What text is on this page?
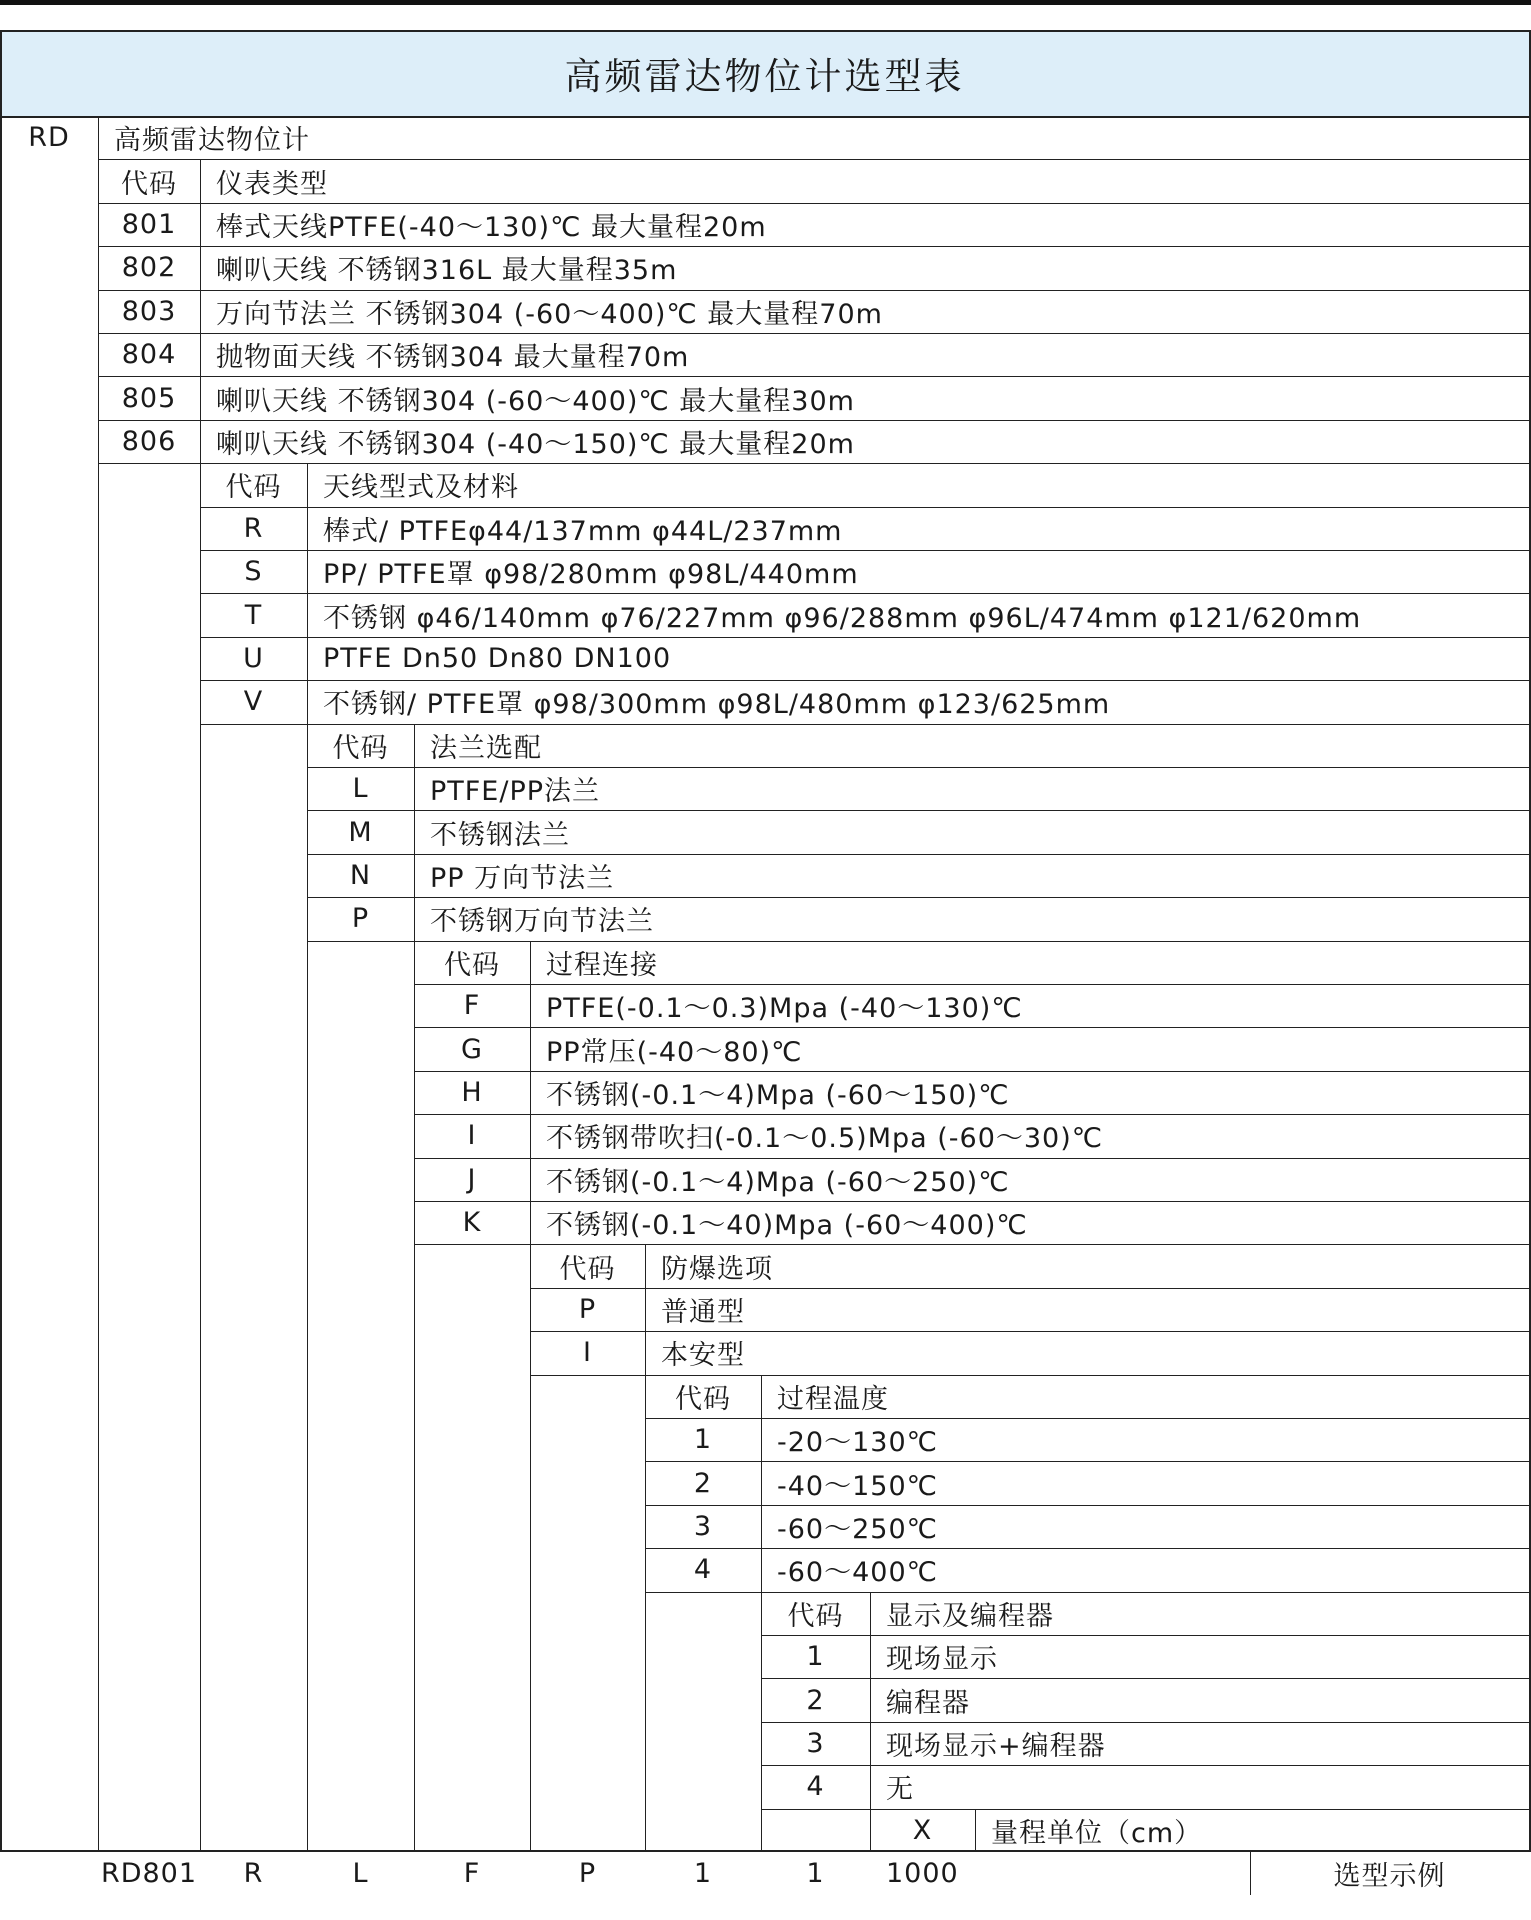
高频雷达物位计选型表
RD	高频雷达物位计
代码	仪表类型
801	棒式天线PTFE(-40～130)℃ 最大量程20m
802	喇叭天线 不锈钢316L 最大量程35m
803	万向节法兰 不锈钢304 (-60～400)℃ 最大量程70m
804	抛物面天线 不锈钢304 最大量程70m
805	喇叭天线 不锈钢304 (-60～400)℃ 最大量程30m
806	喇叭天线 不锈钢304 (-40～150)℃ 最大量程20m
代码	天线型式及材料
R	棒式/ PTFEφ44/137mm φ44L/237mm
S	PP/ PTFE罩 φ98/280mm φ98L/440mm
T	不锈钢 φ46/140mm φ76/227mm φ96/288mm φ96L/474mm φ121/620mm
U	PTFE Dn50 Dn80 DN100
V	不锈钢/ PTFE罩 φ98/300mm φ98L/480mm φ123/625mm
代码	法兰选配
L	PTFE/PP法兰
M	不锈钢法兰
N	PP 万向节法兰
P	不锈钢万向节法兰
代码	过程连接
F	PTFE(-0.1～0.3)Mpa (-40～130)℃
G	PP常压(-40～80)℃
H	不锈钢(-0.1～4)Mpa (-60～150)℃
I	不锈钢带吹扫(-0.1～0.5)Mpa (-60～30)℃
J	不锈钢(-0.1～4)Mpa (-60～250)℃
K	不锈钢(-0.1～40)Mpa (-60～400)℃
代码	防爆选项
P	普通型
I	本安型
代码	过程温度
1	-20～130℃
2	-40～150℃
3	-60～250℃
4	-60～400℃
代码	显示及编程器
1	现场显示
2	编程器
3	现场显示+编程器
4	无
X	量程单位（cm）
RD801	R	L	F	P	1	1	1000	选型示例
